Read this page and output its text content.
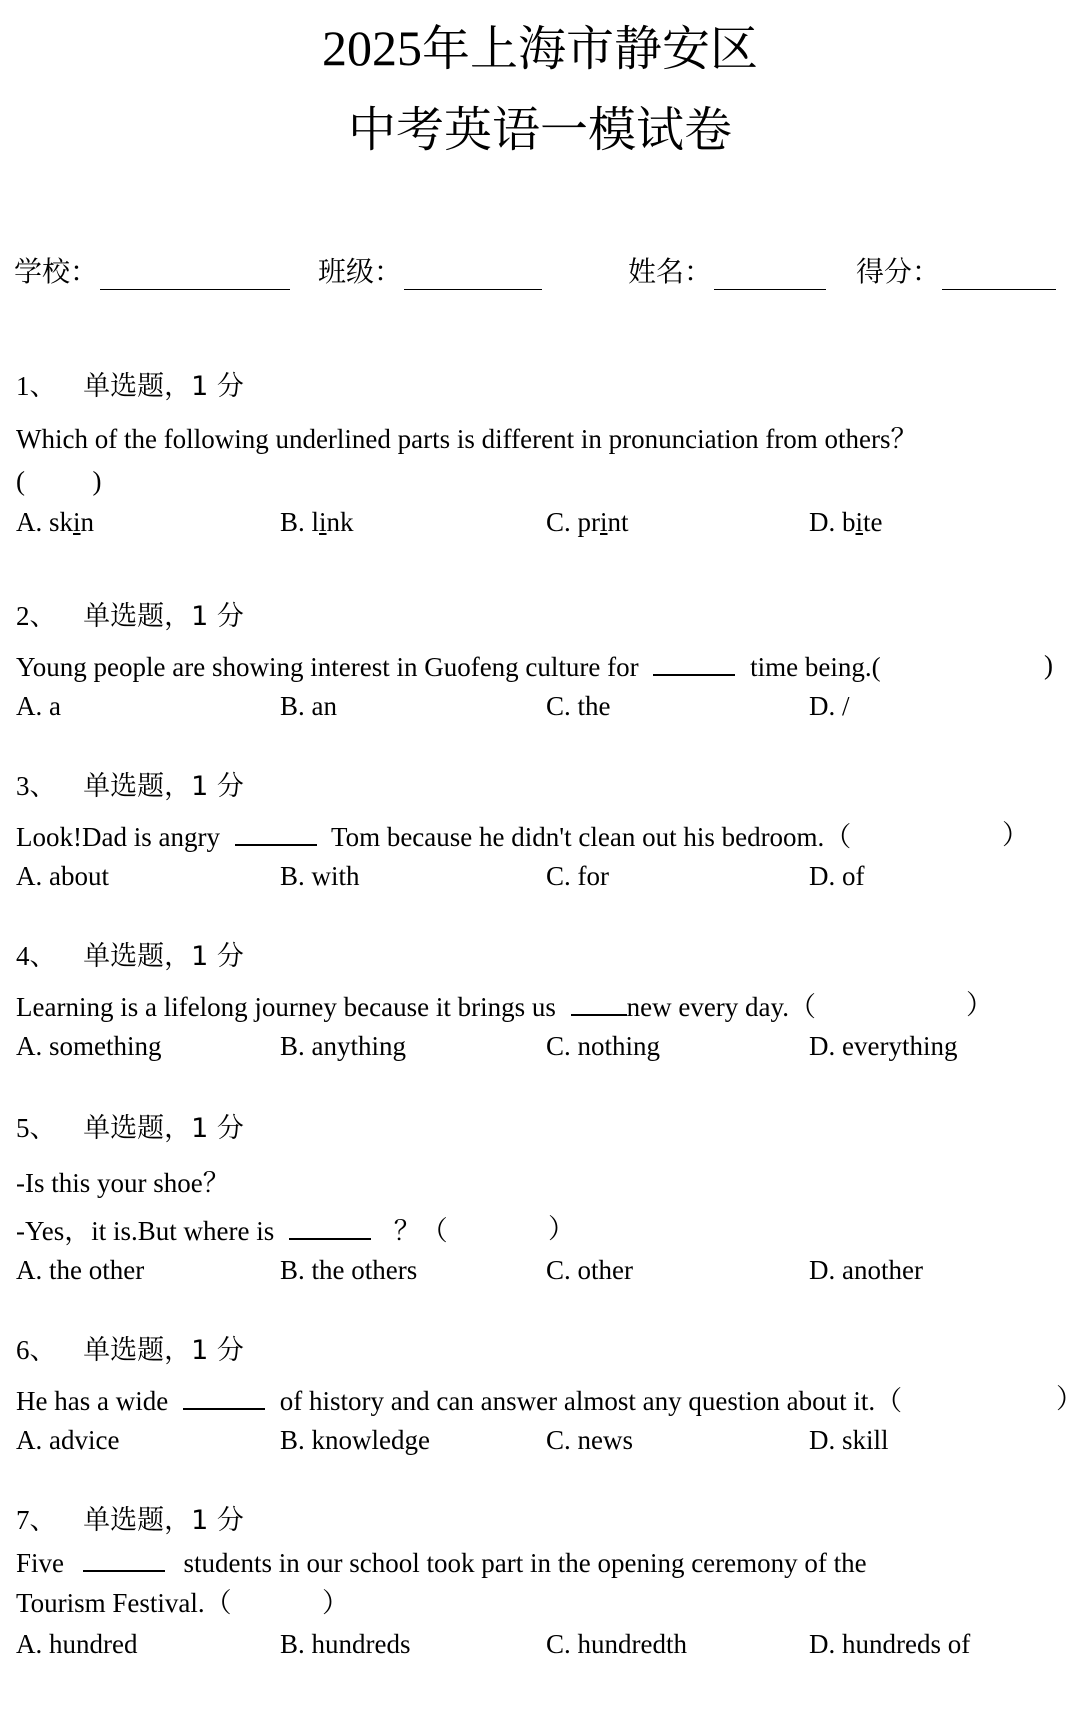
2025年上海市静安区
中考英语一模试卷
学校：	班级：	姓名：	得分：
1、 单选题，1 分
Which of the following underlined parts is different in pronunciation from others？
(          )
A. skin	B. link	C. print	D. bite
2、 单选题，1 分
Young people are showing interest in Guofeng culture for	time being.(	)
A. a	B. an	C. the	D. /
3、 单选题，1 分
Look!Dad is angry	Tom because he didn't clean out his bedroom.（	）
A. about	B. with	C. for	D. of
4、 单选题，1 分
Learning is a lifelong journey because it brings us	new every day.（	）
A. something	B. anything	C. nothing	D. everything
5、 单选题，1 分
-Is this your shoe？
-Yes，it is.But where is	？（	）
A. the other	B. the others	C. other	D. another
6、 单选题，1 分
He has a wide	of history and can answer almost any question about it.（	）
A. advice	B. knowledge	C. news	D. skill
7、 单选题，1 分
Five	students in our school took part in the opening ceremony of the
Tourism Festival.（	）
A. hundred	B. hundreds	C. hundredth	D. hundreds of
